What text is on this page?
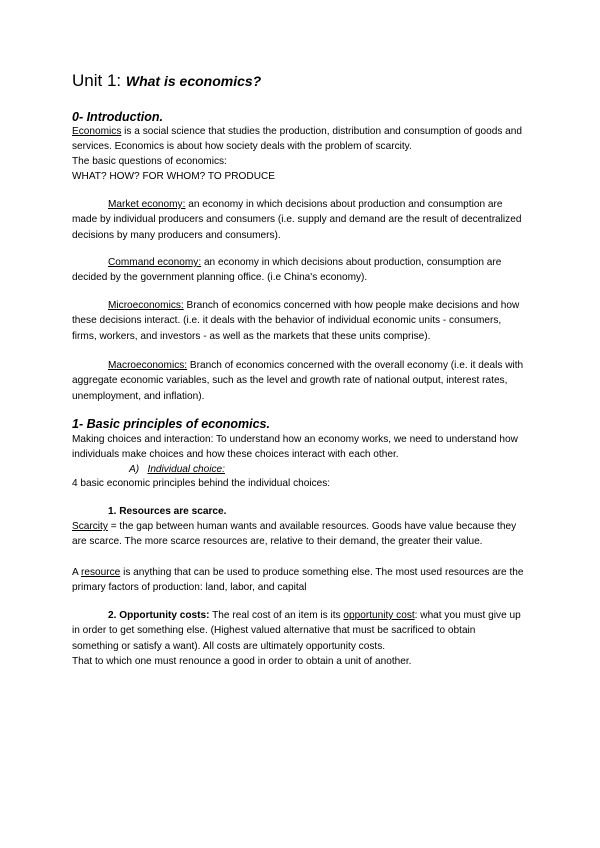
Unit 1: What is economics?
0- Introduction.
Economics is a social science that studies the production, distribution and consumption of goods and services. Economics is about how society deals with the problem of scarcity.
The basic questions of economics:
WHAT? HOW? FOR WHOM? TO PRODUCE
Market economy: an economy in which decisions about production and consumption are made by individual producers and consumers (i.e. supply and demand are the result of decentralized decisions by many producers and consumers).
Command economy: an economy in which decisions about production, consumption are decided by the government planning office. (i.e China's economy).
Microeconomics: Branch of economics concerned with how people make decisions and how these decisions interact. (i.e. it deals with the behavior of individual economic units - consumers, firms, workers, and investors - as well as the markets that these units comprise).
Macroeconomics: Branch of economics concerned with the overall economy (i.e. it deals with aggregate economic variables, such as the level and growth rate of national output, interest rates, unemployment, and inflation).
1- Basic principles of economics.
Making choices and interaction: To understand how an economy works, we need to understand how individuals make choices and how these choices interact with each other.
A) Individual choice:
4 basic economic principles behind the individual choices:
1. Resources are scarce.
Scarcity = the gap between human wants and available resources. Goods have value because they are scarce. The more scarce resources are, relative to their demand, the greater their value.
A resource is anything that can be used to produce something else. The most used resources are the primary factors of production: land, labor, and capital
2. Opportunity costs: The real cost of an item is its opportunity cost: what you must give up in order to get something else. (Highest valued alternative that must be sacrificed to obtain something or satisfy a want). All costs are ultimately opportunity costs.
That to which one must renounce a good in order to obtain a unit of another.
